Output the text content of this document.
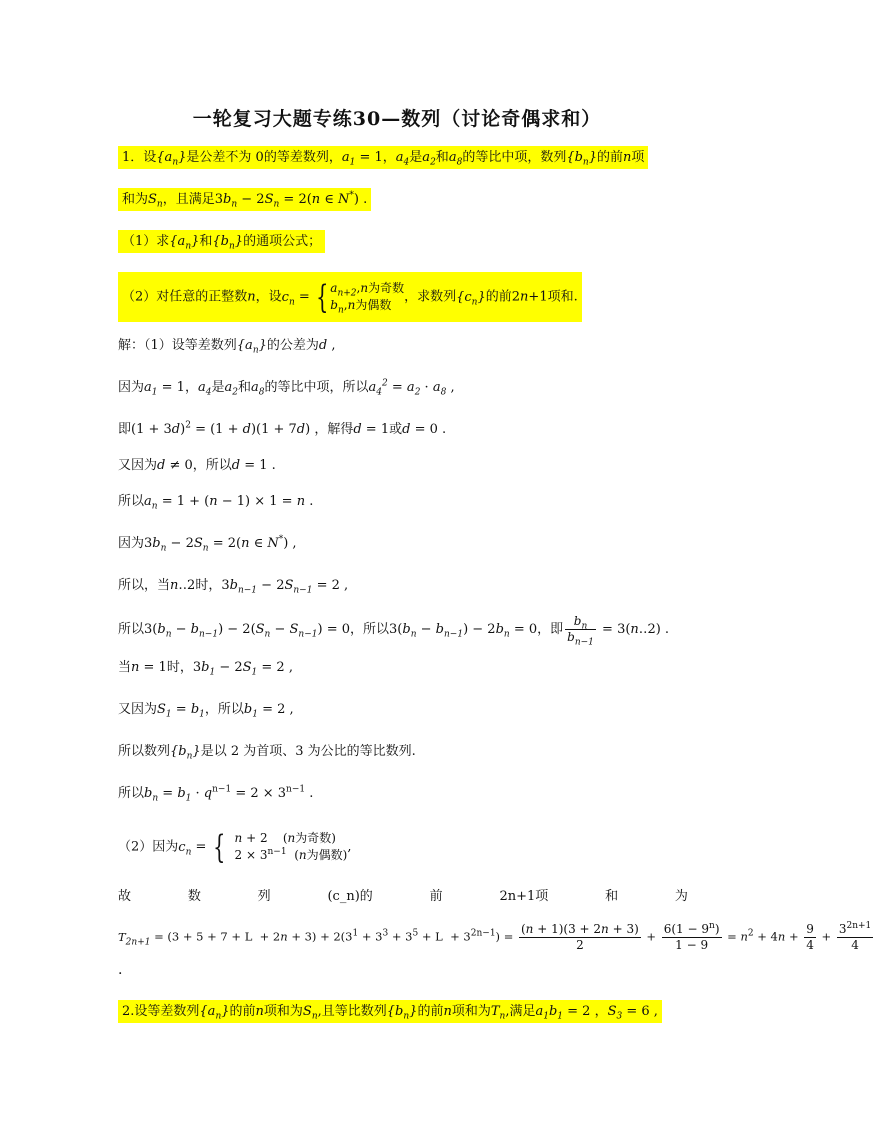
一轮复习大题专练30—数列（讨论奇偶求和）
1．设$\{a_n\}$是公差不为 0的等差数列，$a_1 = 1$，$a_4$是$a_2$和$a_8$的等比中项，数列$\{b_n\}$的前n项
和为$S_n$，且满足$3b_n - 2S_n = 2(n$ ∈ N*) .
（1）求$\{a_n\}$和$\{b_n\}$的通项公式；
（2）对任意的正整数n，设$c_n$ = { $a_{n+2},n$为奇数
$b_n,n$为偶数，求数列$\{c_n\}$的前2n+1项和.
解：（1）设等差数列$\{a_n\}$的公差为d ,
因为$a_1 = 1$，$a_4$是$a_2$和$a_8$的等比中项，所以$a_4^2 = a_2 \cdot a_8$ ,
即$(1 + 3d)^2 = (1 + d)(1 + 7d)$ ，解得d = 1或d = 0 .
又因为d ≠ 0，所以d = 1 .
所以$a_n = 1 + (n - 1) \times 1 = n$ .
因为$3b_n - 2S_n = 2(n$ ∈ N*) ,
所以，当n‥2时，$3b_{n-1} - 2S_{n-1} = 2$ ,
所以$3(b_n - b_{n-1}) - 2(S_n - S_{n-1}) = 0$，所以$3(b_n - b_{n-1}) - 2b_n = 0$，即 $\frac{b_n}{b_{n-1}}$ = 3(n‥2) .
当n = 1时，$3b_1 - 2S_1 = 2$ ,
又因为$S_1 = b_1$，所以$b_1 = 2$ ,
所以数列$\{b_n\}$是以 2 为首项、3 为公比的等比数列.
所以$b_n = b_1 \cdot q^{n-1} = 2 \times 3^{n-1}$ .
（2）因为$c_n$ = { n + 2    (n为奇数)
$2 \times 3^{n-1}$  (n为偶数),
故	数	列	(c_n)的	前	2n+1项	和	为
$T_{2n+1} = (3 + 5 + 7 + L + 2n + 3) + 2(3^1 + 3^3 + 3^5 + L + 3^{2n-1}) = \frac{(n + 1)(3 + 2n + 3)}{2} + \frac{6(1 - 9^n)}{1 - 9} = n^2 + 4n + \frac{9}{4} + \frac{3^{2n+1}}{4}$
.
2.设等差数列$\{a_n\}$的前n项和为$S_n$,且等比数列$\{b_n\}$的前n项和为$T_n$,满足$a_1b_1 = 2$ ，$S_3 = 6$ ,
